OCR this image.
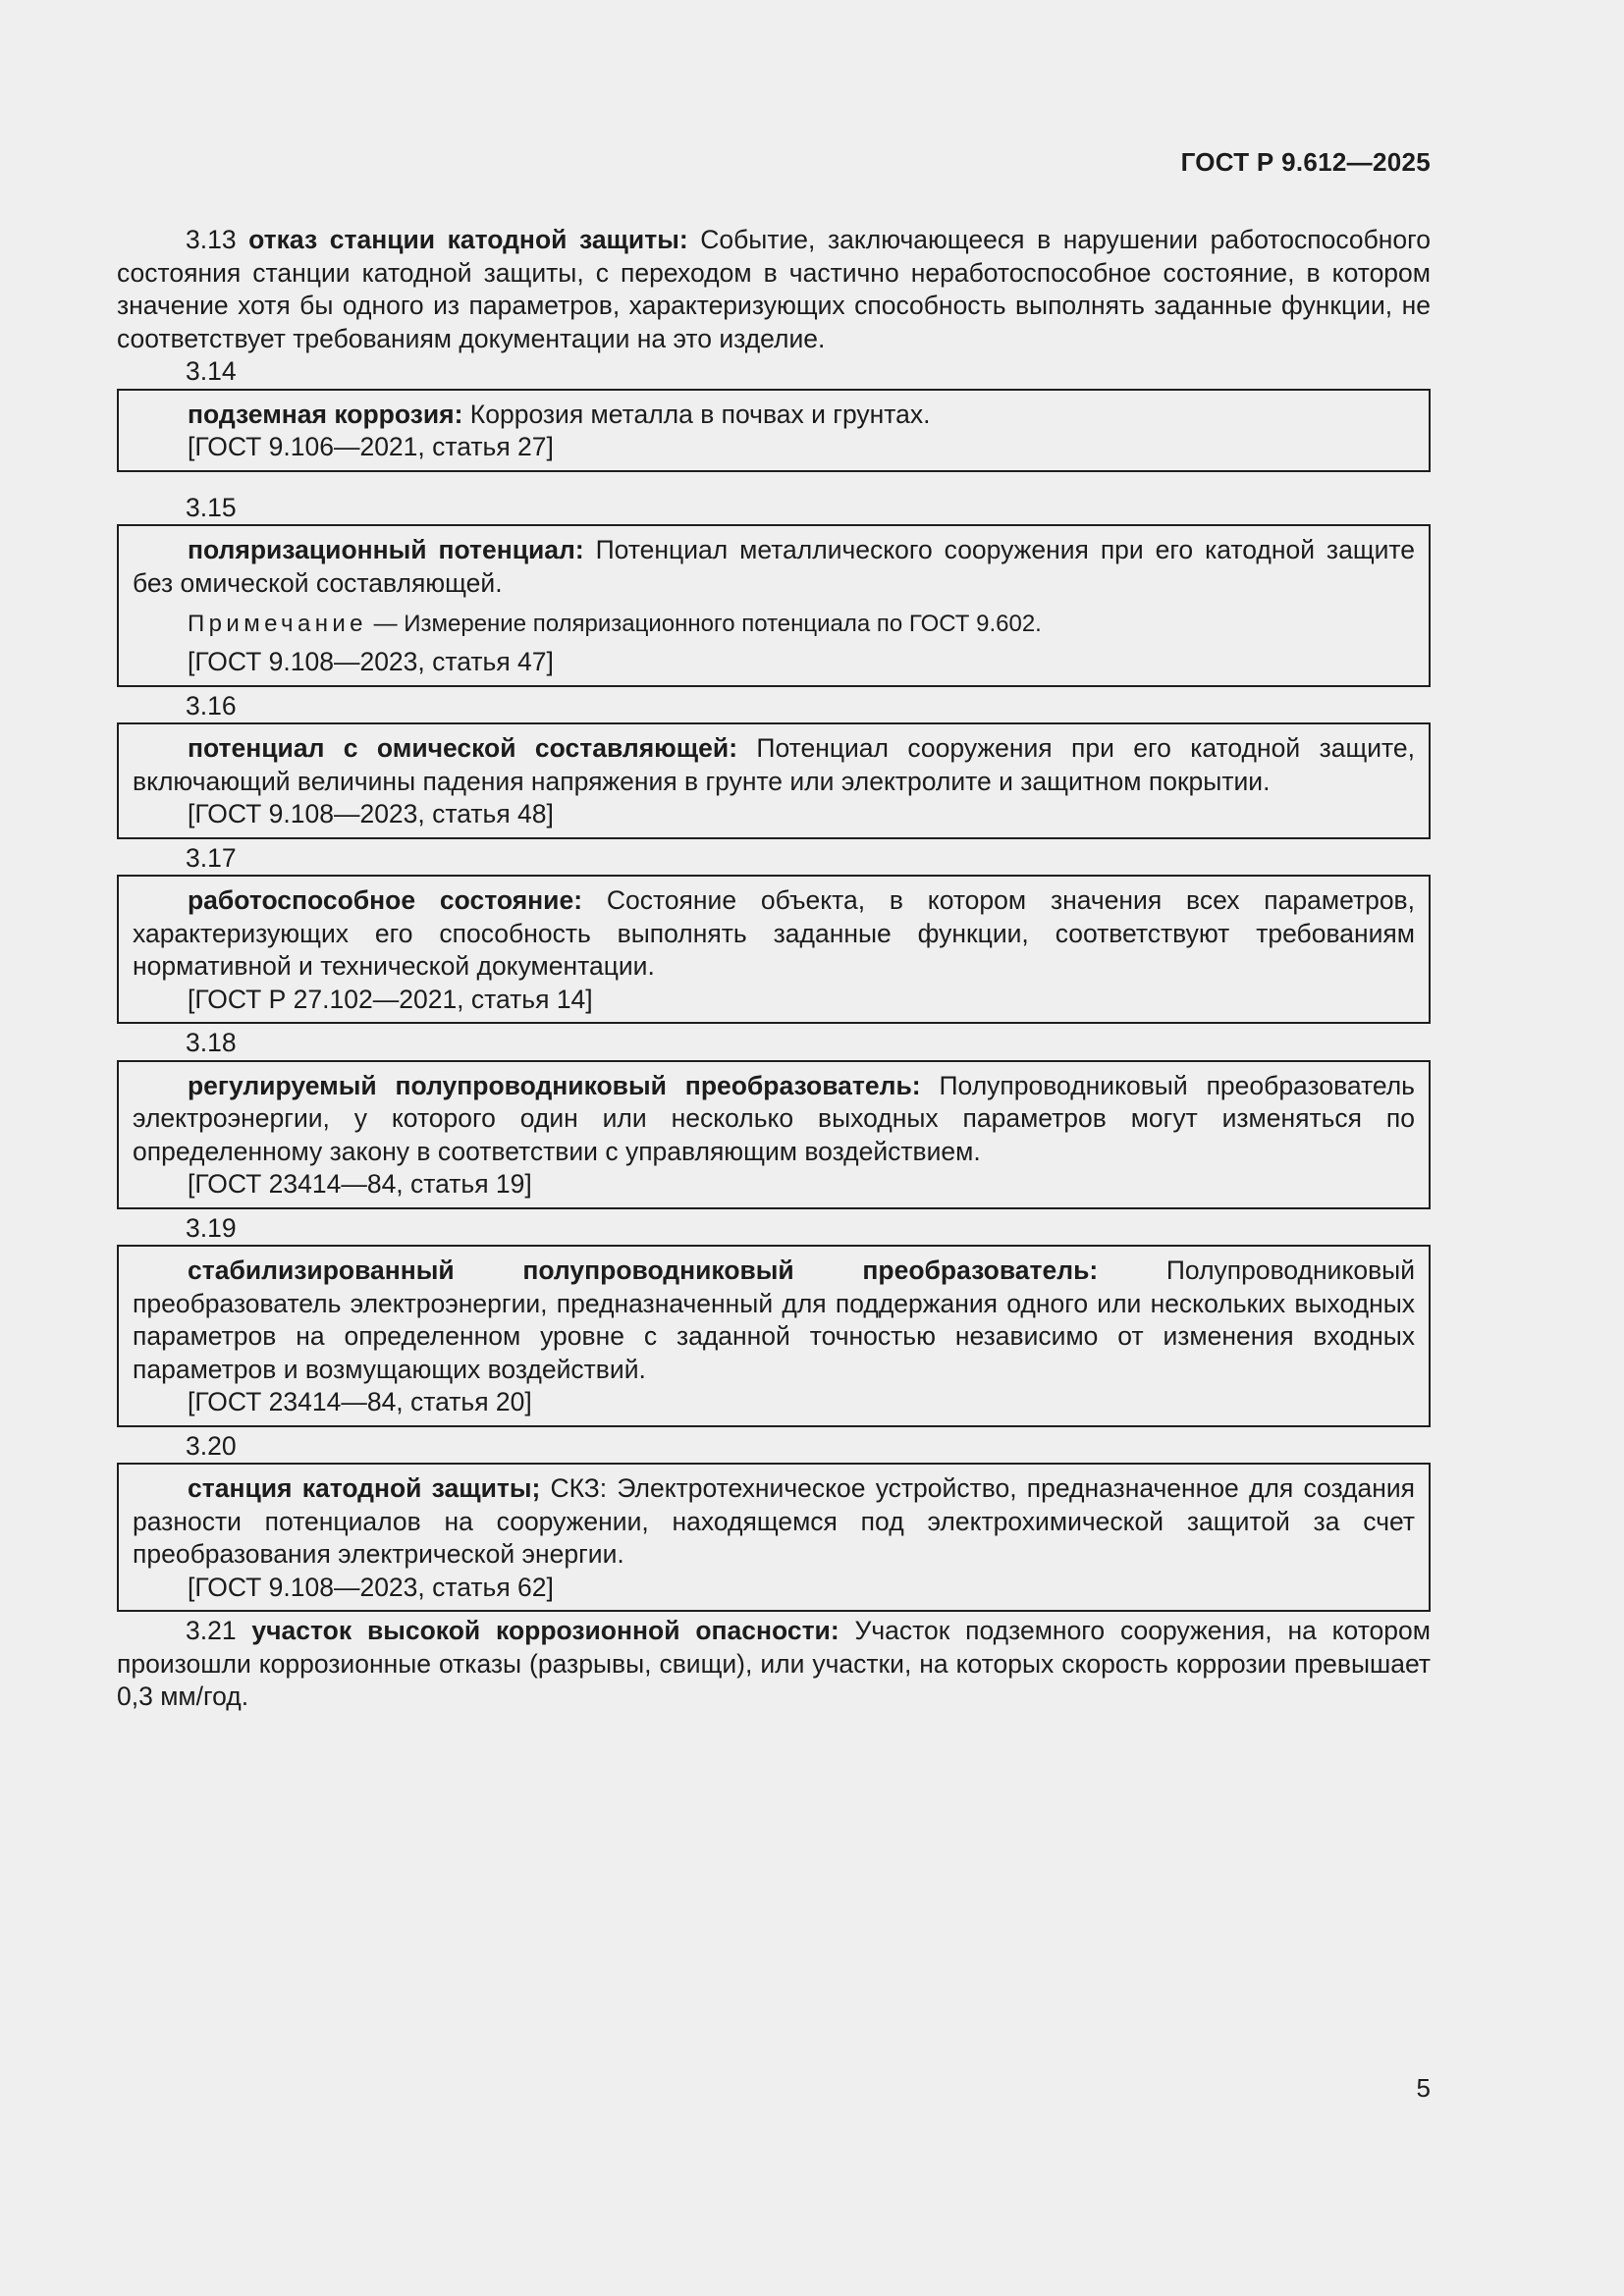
ГОСТ Р 9.612—2025

3.13 отказ станции катодной защиты: Событие, заключающееся в нарушении работоспособного состояния станции катодной защиты, с переходом в частично неработоспособное состояние, в котором значение хотя бы одного из параметров, характеризующих способность выполнять заданные функции, не соответствует требованиям документации на это изделие.

3.14

подземная коррозия: Коррозия металла в почвах и грунтах.

[ГОСТ 9.106—2021, статья 27]

3.15

поляризационный потенциал: Потенциал металлического сооружения при его катодной защите без омической составляющей.

Примечание — Измерение поляризационного потенциала по ГОСТ 9.602.

[ГОСТ 9.108—2023, статья 47]

3.16

потенциал с омической составляющей: Потенциал сооружения при его катодной защите, включающий величины падения напряжения в грунте или электролите и защитном покрытии.

[ГОСТ 9.108—2023, статья 48]

3.17

работоспособное состояние: Состояние объекта, в котором значения всех параметров, характеризующих его способность выполнять заданные функции, соответствуют требованиям нормативной и технической документации.

[ГОСТ Р 27.102—2021, статья 14]

3.18

регулируемый полупроводниковый преобразователь: Полупроводниковый преобразователь электроэнергии, у которого один или несколько выходных параметров могут изменяться по определенному закону в соответствии с управляющим воздействием.

[ГОСТ 23414—84, статья 19]

3.19

стабилизированный полупроводниковый преобразователь: Полупроводниковый преобразователь электроэнергии, предназначенный для поддержания одного или нескольких выходных параметров на определенном уровне с заданной точностью независимо от изменения входных параметров и возмущающих воздействий.

[ГОСТ 23414—84, статья 20]

3.20

станция катодной защиты; СКЗ: Электротехническое устройство, предназначенное для создания разности потенциалов на сооружении, находящемся под электрохимической защитой за счет преобразования электрической энергии.

[ГОСТ 9.108—2023, статья 62]

3.21 участок высокой коррозионной опасности: Участок подземного сооружения, на котором произошли коррозионные отказы (разрывы, свищи), или участки, на которых скорость коррозии превышает 0,3 мм/год.

5
